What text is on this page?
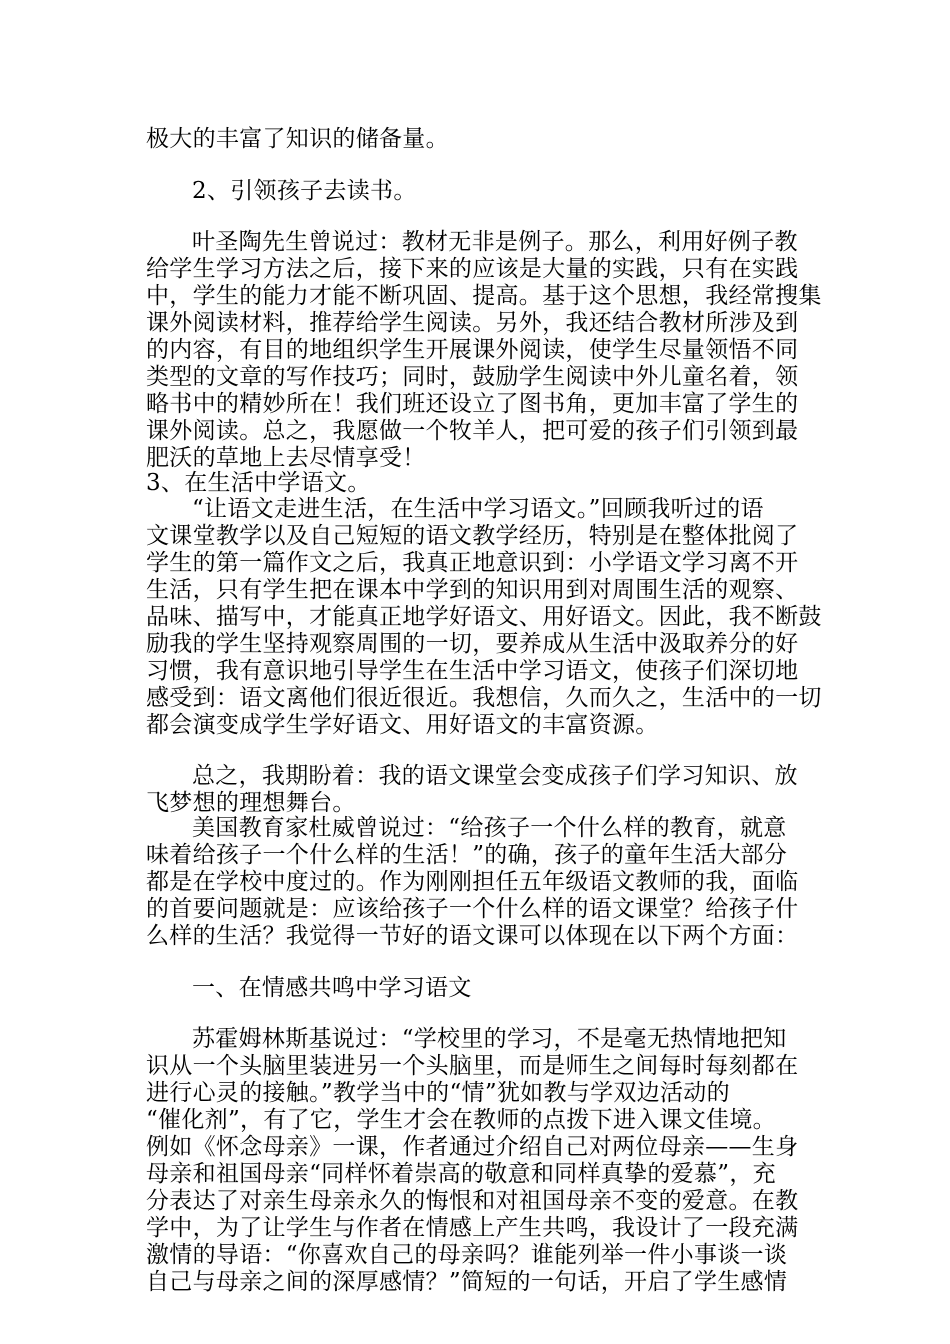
极大的丰富了知识的储备量。
2、引领孩子去读书。
叶圣陶先生曾说过：教材无非是例子。那么，利用好例子教
给学生学习方法之后，接下来的应该是大量的实践，只有在实践
中，学生的能力才能不断巩固、提高。基于这个思想，我经常搜集
课外阅读材料，推荐给学生阅读。另外，我还结合教材所涉及到
的内容，有目的地组织学生开展课外阅读，使学生尽量领悟不同
类型的文章的写作技巧；同时，鼓励学生阅读中外儿童名着，领
略书中的精妙所在！我们班还设立了图书角，更加丰富了学生的
课外阅读。总之，我愿做一个牧羊人，把可爱的孩子们引领到最
肥沃的草地上去尽情享受！
3、在生活中学语文。
“让语文走进生活，在生活中学习语文。”回顾我听过的语
文课堂教学以及自己短短的语文教学经历，特别是在整体批阅了
学生的第一篇作文之后，我真正地意识到：小学语文学习离不开
生活，只有学生把在课本中学到的知识用到对周围生活的观察、
品味、描写中，才能真正地学好语文、用好语文。因此，我不断鼓
励我的学生坚持观察周围的一切，要养成从生活中汲取养分的好
习惯，我有意识地引导学生在生活中学习语文，使孩子们深切地
感受到：语文离他们很近很近。我想信，久而久之，生活中的一切
都会演变成学生学好语文、用好语文的丰富资源。
总之，我期盼着：我的语文课堂会变成孩子们学习知识、放
飞梦想的理想舞台。
美国教育家杜威曾说过：“给孩子一个什么样的教育，就意
味着给孩子一个什么样的生活！”的确，孩子的童年生活大部分
都是在学校中度过的。作为刚刚担任五年级语文教师的我，面临
的首要问题就是：应该给孩子一个什么样的语文课堂？给孩子什
么样的生活？我觉得一节好的语文课可以体现在以下两个方面：
一、在情感共鸣中学习语文
苏霍姆林斯基说过：“学校里的学习，不是毫无热情地把知
识从一个头脑里装进另一个头脑里，而是师生之间每时每刻都在
进行心灵的接触。”教学当中的“情”犹如教与学双边活动的
“催化剂”，有了它，学生才会在教师的点拨下进入课文佳境。
例如《怀念母亲》一课，作者通过介绍自己对两位母亲——生身
母亲和祖国母亲“同样怀着崇高的敬意和同样真挚的爱慕”，充
分表达了对亲生母亲永久的悔恨和对祖国母亲不变的爱意。在教
学中，为了让学生与作者在情感上产生共鸣，我设计了一段充满
激情的导语：“你喜欢自己的母亲吗？谁能列举一件小事谈一谈
自己与母亲之间的深厚感情？”简短的一句话，开启了学生感情
